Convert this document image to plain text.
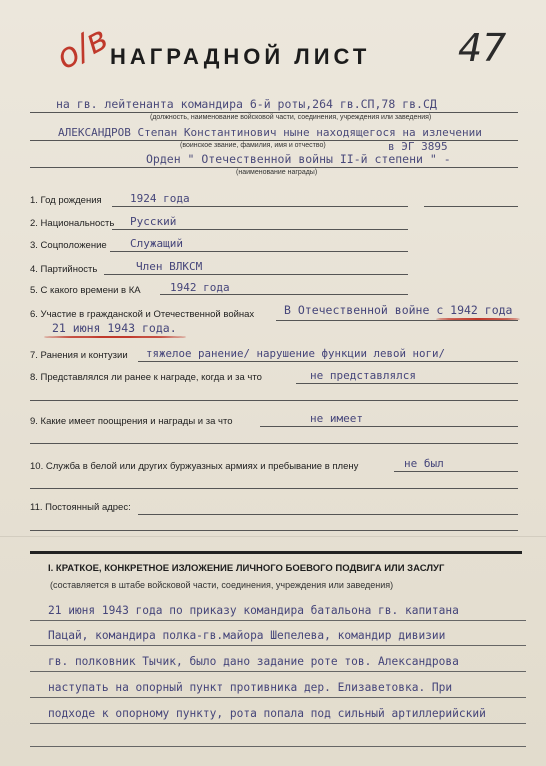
о/в
НАГРАДНОЙ ЛИСТ 47
на гв. лейтенанта командира 6-й роты,264 гв.СП,78 гв.СД
(должность, наименование войсковой части, соединения, учреждения или заведения)
АЛЕКСАНДРОВ Степан Константинович ныне находящегося на излечении
(воинское звание, фамилия, имя и отчество)	в ЭГ 3895
Орден " Отечественной войны II-й степени " -
(наименование награды)
1. Год рождения	1924 года
2. Национальность Русский
3. Соцположение Служащий
4. Партийность	Член ВЛКСМ
5. С какого времени в КА	1942 года
6. Участие в гражданской и Отечественной войнах	В Отечественной войне с 1942 года
21 июня 1943 года.
7. Ранения и контузии тяжелое ранение/ нарушение функции левой ноги/
8. Представлялся ли ранее к награде, когда и за что	не представлялся
9. Какие имеет поощрения и награды и за что	не имеет
10. Служба в белой или других буржуазных армиях и пребывание в плену	не был
11. Постоянный адрес:
I. КРАТКОЕ, КОНКРЕТНОЕ ИЗЛОЖЕНИЕ ЛИЧНОГО БОЕВОГО ПОДВИГА ИЛИ ЗАСЛУГ
(составляется в штабе войсковой части, соединения, учреждения или заведения)
21 июня 1943 года по приказу командира батальона гв. капитана
Пацай, командира полка-гв.майора Шепелева, командир дивизии
гв. полковник Тычик, было дано задание роте тов. Александрова
наступать на опорный пункт противника дер. Елизаветовка. При
подходе к опорному пункту, рота попала под сильный артиллерийский
